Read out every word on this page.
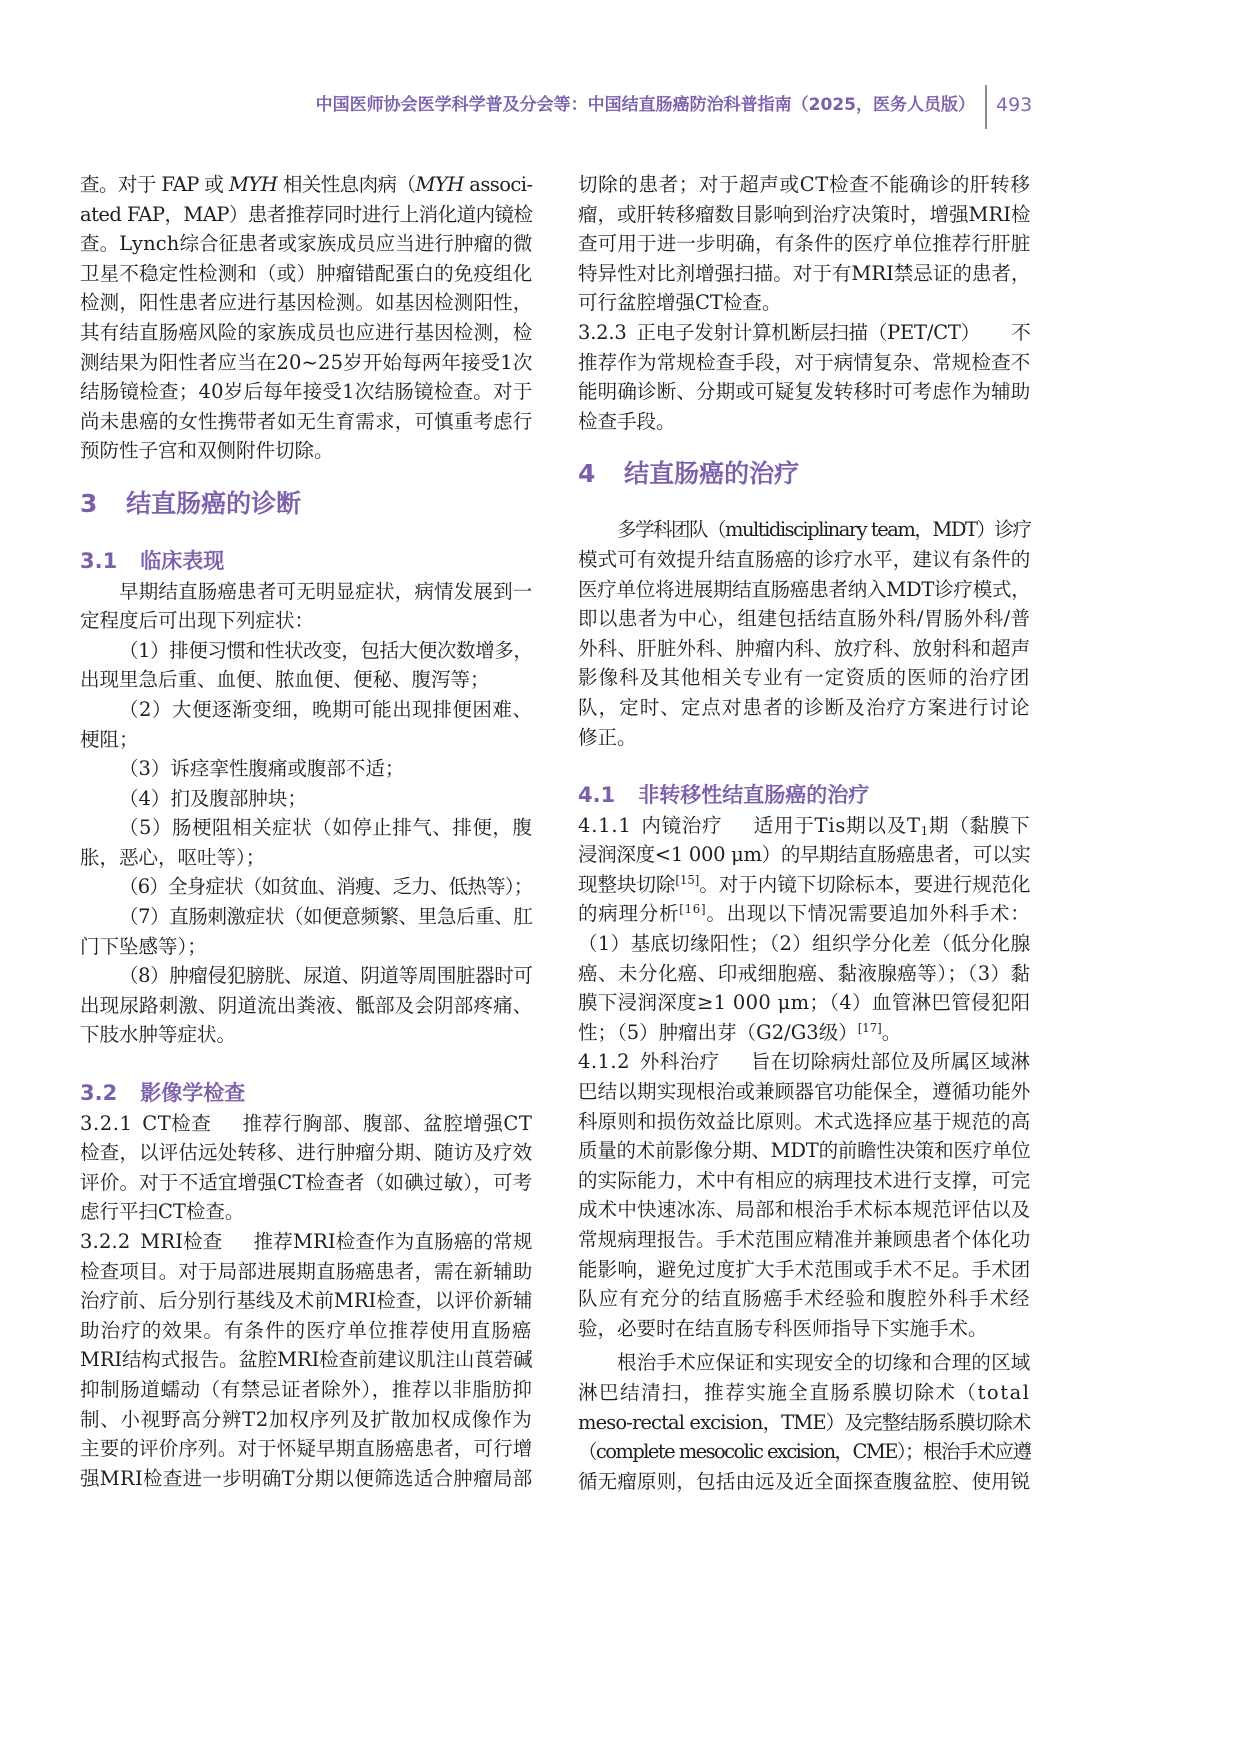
中国医师协会医学科学普及分会等：中国结直肠癌防治科普指南（2025，医务人员版） 493
查。对于 FAP 或 MYH 相关性息肉病（MYH associ-
ated FAP，MAP）患者推荐同时进行上消化道内镜检
查。Lynch综合征患者或家族成员应当进行肿瘤的微
卫星不稳定性检测和（或）肿瘤错配蛋白的免疫组化
检测，阳性患者应进行基因检测。如基因检测阳性，
其有结直肠癌风险的家族成员也应进行基因检测，检
测结果为阳性者应当在20~25岁开始每两年接受1次
结肠镜检查；40岁后每年接受1次结肠镜检查。对于
尚未患癌的女性携带者如无生育需求，可慎重考虑行
预防性子宫和双侧附件切除。
3 结直肠癌的诊断
3.1 临床表现
早期结直肠癌患者可无明显症状，病情发展到一
定程度后可出现下列症状：
（1）排便习惯和性状改变，包括大便次数增多，
出现里急后重、血便、脓血便、便秘、腹泻等；
（2）大便逐渐变细，晚期可能出现排便困难、
梗阻；
（3）诉痉挛性腹痛或腹部不适；
（4）扪及腹部肿块；
（5）肠梗阻相关症状（如停止排气、排便，腹
胀，恶心，呕吐等）；
（6）全身症状（如贫血、消瘦、乏力、低热等）；
（7）直肠刺激症状（如便意频繁、里急后重、肛
门下坠感等）；
（8）肿瘤侵犯膀胱、尿道、阴道等周围脏器时可
出现尿路刺激、阴道流出粪液、骶部及会阴部疼痛、
下肢水肿等症状。
3.2 影像学检查
3.2.1 CT检查 推荐行胸部、腹部、盆腔增强CT
检查，以评估远处转移、进行肿瘤分期、随访及疗效
评价。对于不适宜增强CT检查者（如碘过敏），可考
虑行平扫CT检查。
3.2.2 MRI检查 推荐MRI检查作为直肠癌的常规
检查项目。对于局部进展期直肠癌患者，需在新辅助
治疗前、后分别行基线及术前MRI检查，以评价新辅
助治疗的效果。有条件的医疗单位推荐使用直肠癌
MRI结构式报告。盆腔MRI检查前建议肌注山莨菪碱
抑制肠道蠕动（有禁忌证者除外），推荐以非脂肪抑
制、小视野高分辨T2加权序列及扩散加权成像作为
主要的评价序列。对于怀疑早期直肠癌患者，可行增
强MRI检查进一步明确T分期以便筛选适合肿瘤局部
切除的患者；对于超声或CT检查不能确诊的肝转移
瘤，或肝转移瘤数目影响到治疗决策时，增强MRI检
查可用于进一步明确，有条件的医疗单位推荐行肝脏
特异性对比剂增强扫描。对于有MRI禁忌证的患者，
可行盆腔增强CT检查。
3.2.3 正电子发射计算机断层扫描（PET/CT） 不
推荐作为常规检查手段，对于病情复杂、常规检查不
能明确诊断、分期或可疑复发转移时可考虑作为辅助
检查手段。
4 结直肠癌的治疗
多学科团队（multidisciplinary team，MDT）诊疗
模式可有效提升结直肠癌的诊疗水平，建议有条件的
医疗单位将进展期结直肠癌患者纳入MDT诊疗模式，
即以患者为中心，组建包括结直肠外科/胃肠外科/普
外科、肝脏外科、肿瘤内科、放疗科、放射科和超声
影像科及其他相关专业有一定资质的医师的治疗团
队，定时、定点对患者的诊断及治疗方案进行讨论
修正。
4.1 非转移性结直肠癌的治疗
4.1.1 内镜治疗 适用于Tis期以及$T_1$期（黏膜下
浸润深度<1 000 μm）的早期结直肠癌患者，可以实
现整块切除[15]。对于内镜下切除标本，要进行规范化
的病理分析[16]。出现以下情况需要追加外科手术：
（1）基底切缘阳性；（2）组织学分化差（低分化腺
癌、未分化癌、印戒细胞癌、黏液腺癌等）；（3）黏
膜下浸润深度≥1 000 μm；（4）血管淋巴管侵犯阳
性；（5）肿瘤出芽（G2/G3级）[17]。
4.1.2 外科治疗 旨在切除病灶部位及所属区域淋
巴结以期实现根治或兼顾器官功能保全，遵循功能外
科原则和损伤效益比原则。术式选择应基于规范的高
质量的术前影像分期、MDT的前瞻性决策和医疗单位
的实际能力，术中有相应的病理技术进行支撑，可完
成术中快速冰冻、局部和根治手术标本规范评估以及
常规病理报告。手术范围应精准并兼顾患者个体化功
能影响，避免过度扩大手术范围或手术不足。手术团
队应有充分的结直肠癌手术经验和腹腔外科手术经
验，必要时在结直肠专科医师指导下实施手术。
根治手术应保证和实现安全的切缘和合理的区域
淋巴结清扫，推荐实施全直肠系膜切除术（total
meso-rectal excision，TME）及完整结肠系膜切除术
（complete mesocolic excision，CME）；根治手术应遵
循无瘤原则，包括由远及近全面探查腹盆腔、使用锐
